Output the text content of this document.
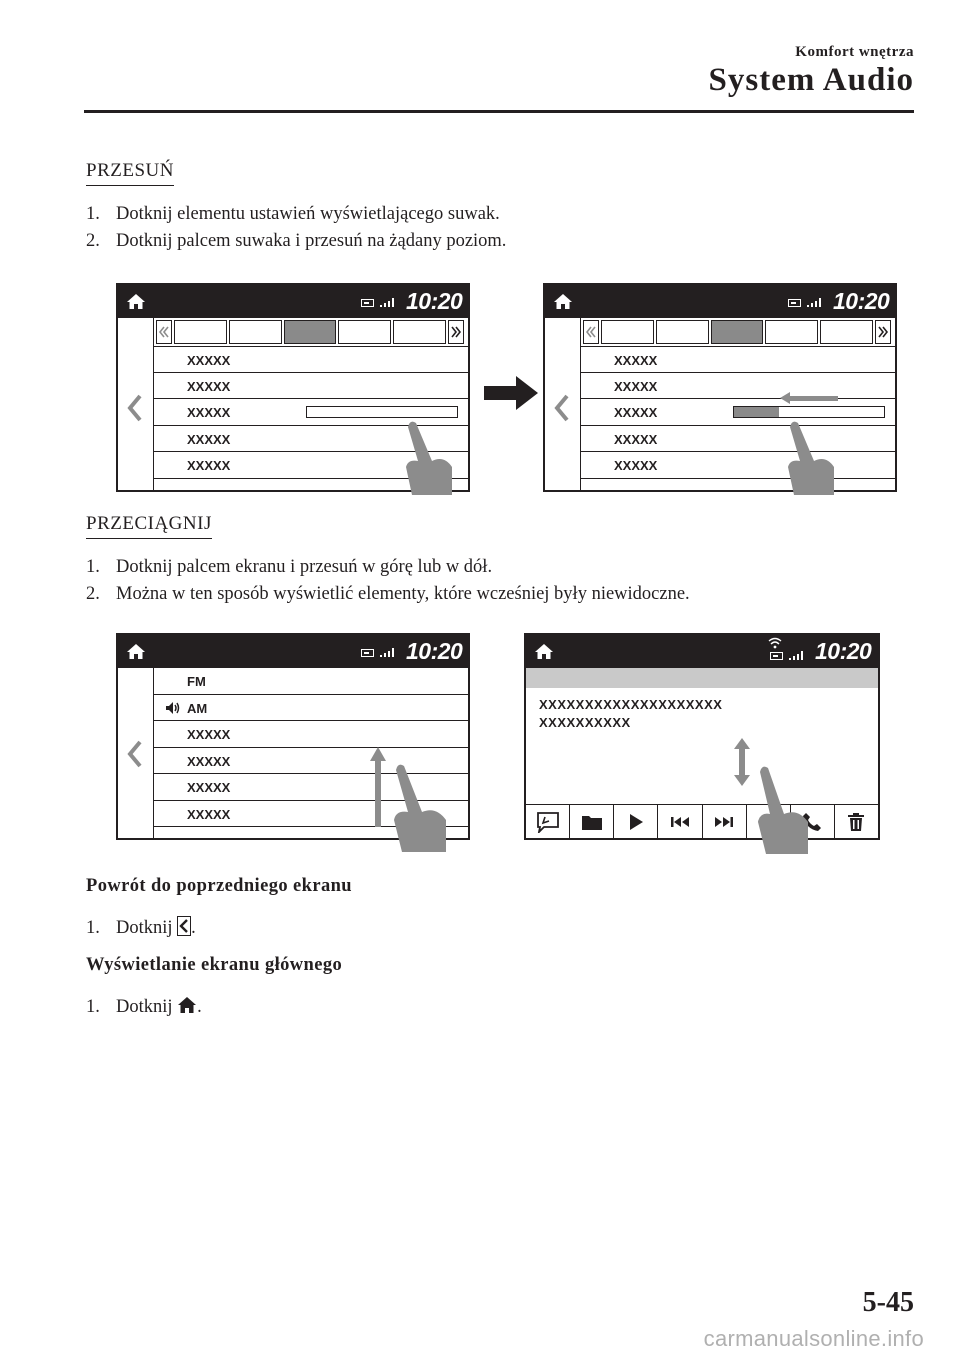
Komfort wnętrza
System Audio
PRZESUŃ
1. Dotknij elementu ustawień wyświetlającego suwak.
2. Dotknij palcem suwaka i przesuń na żądany poziom.
10:20
XXXXX
XXXXX
XXXXX
XXXXX
XXXXX
10:20
XXXXX
XXXXX
XXXXX
XXXXX
XXXXX
PRZECIĄGNIJ
1. Dotknij palcem ekranu i przesuń w górę lub w dół.
2. Można w ten sposób wyświetlić elementy, które wcześniej były niewidoczne.
10:20
FM
AM
XXXXX
XXXXX
XXXXX
XXXXX
10:20
XXXXXXXXXXXXXXXXXXXX
XXXXXXXXXX
Powrót do poprzedniego ekranu
1. Dotknij .
Wyświetlanie ekranu głównego
1. Dotknij .
5-45
carmanualsonline.info
